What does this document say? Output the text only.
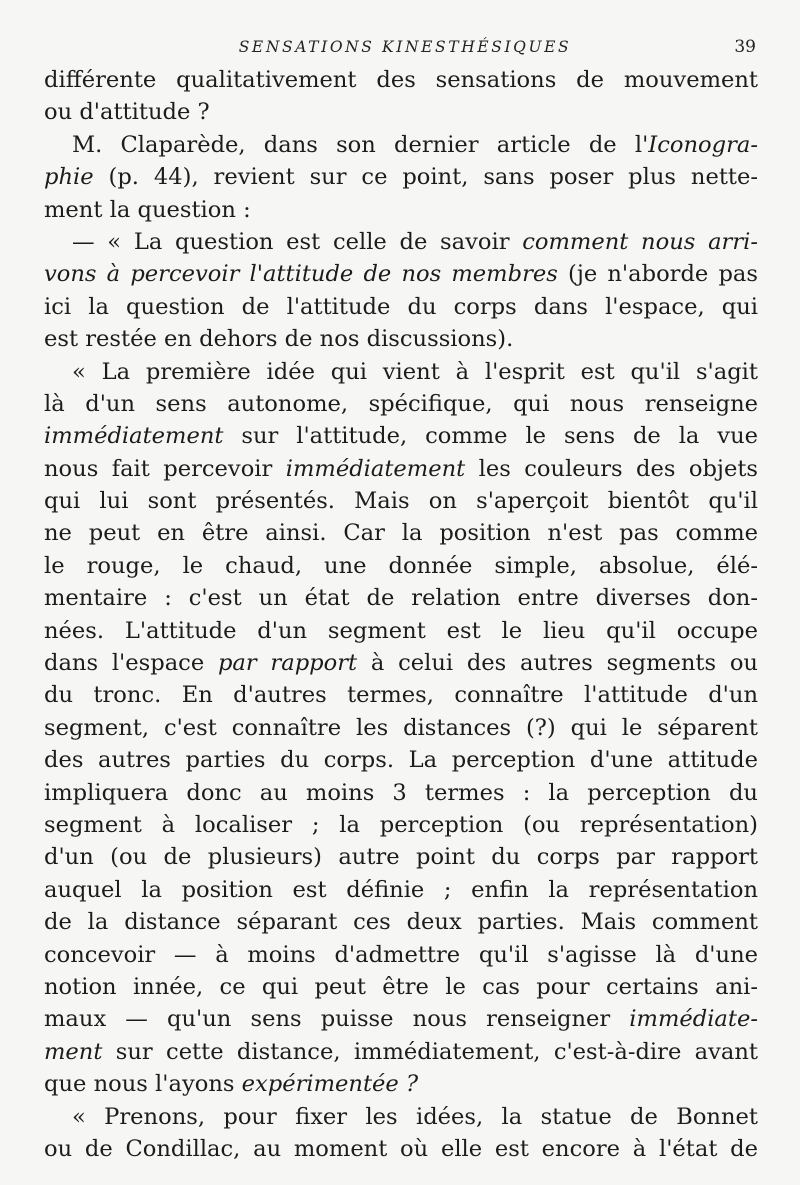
SENSATIONS KINESTHÉSIQUES	39
différente qualitativement des sensations de mouvement
ou d'attitude ?
M. Claparède, dans son dernier article de l'Iconogra-
phie (p. 44), revient sur ce point, sans poser plus nette-
ment la question :
— « La question est celle de savoir comment nous arri-
vons à percevoir l'attitude de nos membres (je n'aborde pas
ici la question de l'attitude du corps dans l'espace, qui
est restée en dehors de nos discussions).
« La première idée qui vient à l'esprit est qu'il s'agit
là d'un sens autonome, spécifique, qui nous renseigne
immédiatement sur l'attitude, comme le sens de la vue
nous fait percevoir immédiatement les couleurs des objets
qui lui sont présentés. Mais on s'aperçoit bientôt qu'il
ne peut en être ainsi. Car la position n'est pas comme
le rouge, le chaud, une donnée simple, absolue, élé-
mentaire : c'est un état de relation entre diverses don-
nées. L'attitude d'un segment est le lieu qu'il occupe
dans l'espace par rapport à celui des autres segments ou
du tronc. En d'autres termes, connaître l'attitude d'un
segment, c'est connaître les distances (?) qui le séparent
des autres parties du corps. La perception d'une attitude
impliquera donc au moins 3 termes : la perception du
segment à localiser ; la perception (ou représentation)
d'un (ou de plusieurs) autre point du corps par rapport
auquel la position est définie ; enfin la représentation
de la distance séparant ces deux parties. Mais comment
concevoir — à moins d'admettre qu'il s'agisse là d'une
notion innée, ce qui peut être le cas pour certains ani-
maux — qu'un sens puisse nous renseigner immédiate-
ment sur cette distance, immédiatement, c'est-à-dire avant
que nous l'ayons expérimentée ?
« Prenons, pour fixer les idées, la statue de Bonnet
ou de Condillac, au moment où elle est encore à l'état de
